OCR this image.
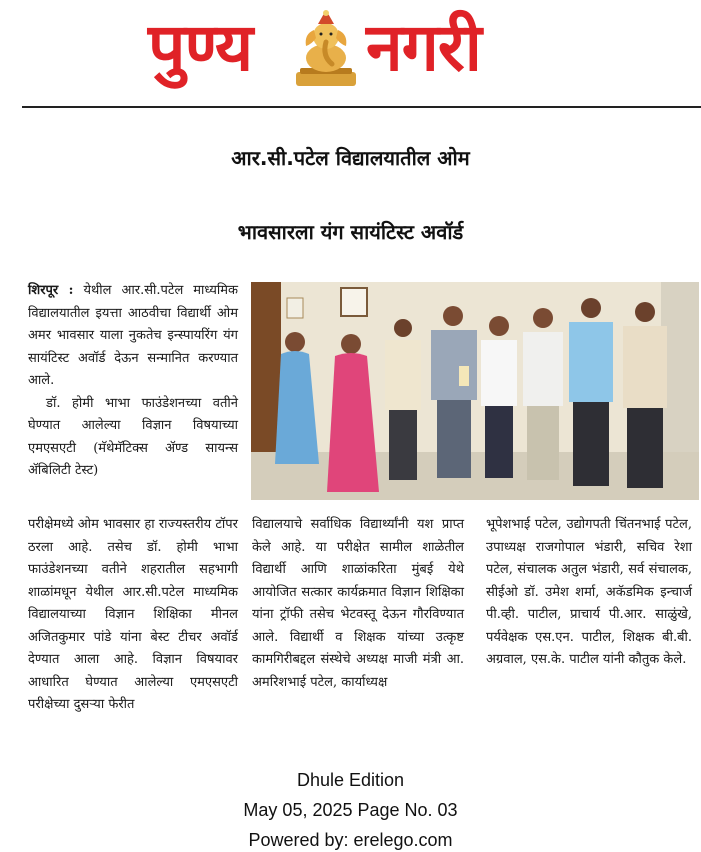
पुण्य नगरी
आर.सी.पटेल विद्यालयातील ओम
भावसारला यंग सायंटिस्ट अवॉर्ड

शिरपूर : येथील आर.सी.पटेल माध्यमिक विद्यालयातील इयत्ता आठवीचा विद्यार्थी ओम अमर भावसार याला नुकतेच इन्स्पायरिंग यंग सायंटिस्ट अवॉर्ड देऊन सन्मानित करण्यात आले.

डॉ. होमी भाभा फाउंडेशनच्या वतीने घेण्यात आलेल्या विज्ञान विषयाच्या एमएसएटी (मॅथेमॅटिक्स ॲण्ड सायन्स ॲबिलिटी टेस्ट)

परीक्षेमध्ये ओम भावसार हा राज्यस्तरीय टॉपर ठरला आहे. तसेच डॉ. होमी भाभा फाउंडेशनच्या वतीने शहरातील सहभागी शाळांमधून येथील आर.सी.पटेल माध्यमिक विद्यालयाच्या विज्ञान शिक्षिका मीनल अजितकुमार पांडे यांना बेस्ट टीचर अवॉर्ड देण्यात आला आहे. विज्ञान विषयावर आधारित घेण्यात आलेल्या एमएसएटी परीक्षेच्या दुसऱ्या फेरीत
विद्यालयाचे सर्वाधिक विद्यार्थ्यांनी यश प्राप्त केले आहे. या परीक्षेत सामील शाळेतील विद्यार्थी आणि शाळांकरिता मुंबई येथे आयोजित सत्कार कार्यक्रमात विज्ञान शिक्षिका यांना ट्रॉफी तसेच भेटवस्तू देऊन गौरविण्यात आले. विद्यार्थी व शिक्षक यांच्या उत्कृष्ट कामगिरीबद्दल संस्थेचे अध्यक्ष माजी मंत्री आ. अमरिशभाई पटेल, कार्याध्यक्ष
भूपेशभाई पटेल, उद्योगपती चिंतनभाई पटेल, उपाध्यक्ष राजगोपाल भंडारी, सचिव रेशा पटेल, संचालक अतुल भंडारी, सर्व संचालक, सीईओ डॉ. उमेश शर्मा, अकॅडमिक इन्चार्ज पी.व्ही. पाटील, प्राचार्य पी.आर. साळुंखे, पर्यवेक्षक एस.एन. पाटील, शिक्षक बी.बी. अग्रवाल, एस.के. पाटील यांनी कौतुक केले.
Dhule Edition
May 05, 2025 Page No. 03
Powered by: erelego.com
